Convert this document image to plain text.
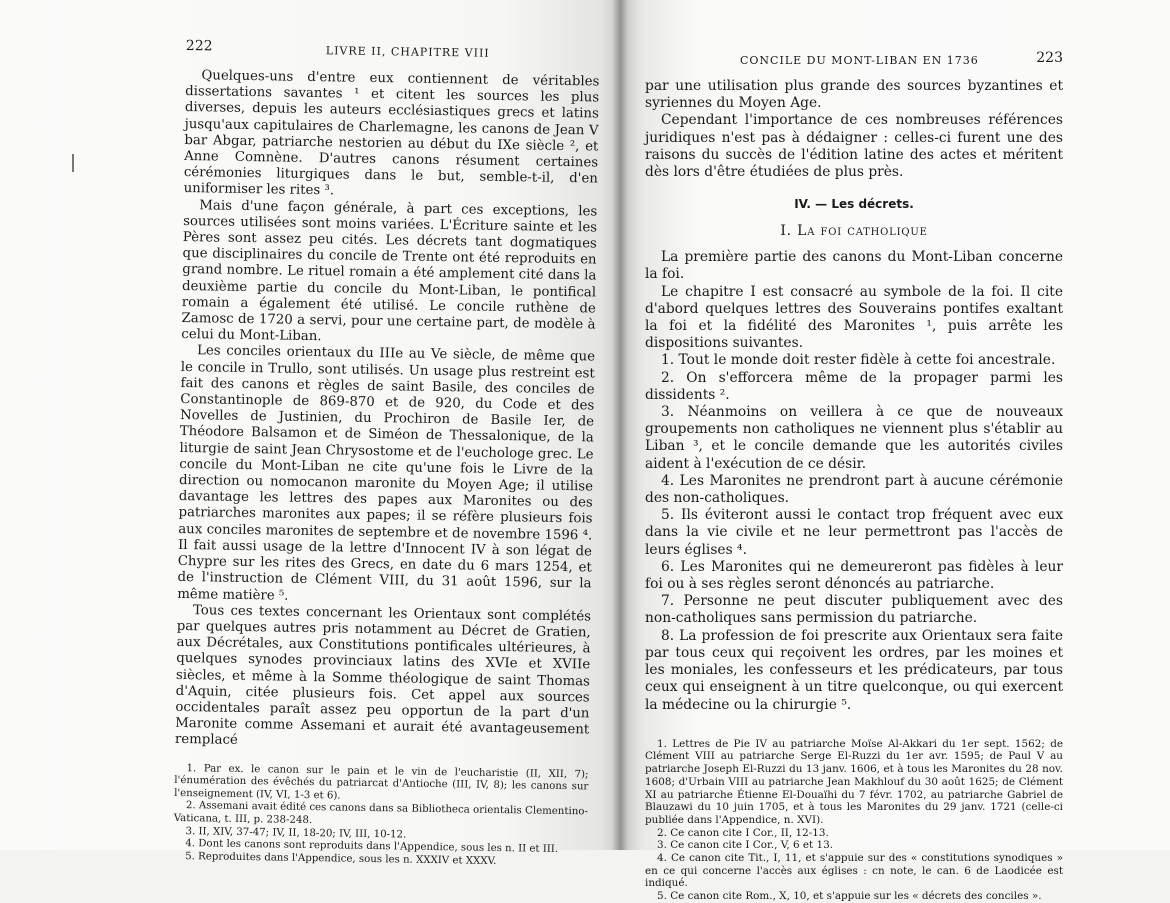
222	LIVRE II, CHAPITRE VIII

Quelques-uns d'entre eux contiennent de véritables dissertations savantes ¹ et citent les sources les plus diverses, depuis les auteurs ecclésiastiques grecs et latins jusqu'aux capitulaires de Charlemagne, les canons de Jean V bar Abgar, patriarche nestorien au début du IXe siècle ², et Anne Comnène. D'autres canons résument certaines cérémonies liturgiques dans le but, semble-t-il, d'en uniformiser les rites ³.

Mais d'une façon générale, à part ces exceptions, les sources utilisées sont moins variées. L'Écriture sainte et les Pères sont assez peu cités. Les décrets tant dogmatiques que disciplinaires du concile de Trente ont été reproduits en grand nombre. Le rituel romain a été amplement cité dans la deuxième partie du concile du Mont-Liban, le pontifical romain a également été utilisé. Le concile ruthène de Zamosc de 1720 a servi, pour une certaine part, de modèle à celui du Mont-Liban.

Les conciles orientaux du IIIe au Ve siècle, de même que le concile in Trullo, sont utilisés. Un usage plus restreint est fait des canons et règles de saint Basile, des conciles de Constantinople de 869-870 et de 920, du Code et des Novelles de Justinien, du Prochiron de Basile Ier, de Théodore Balsamon et de Siméon de Thessalonique, de la liturgie de saint Jean Chrysostome et de l'euchologe grec. Le concile du Mont-Liban ne cite qu'une fois le Livre de la direction ou nomocanon maronite du Moyen Age; il utilise davantage les lettres des papes aux Maronites ou des patriarches maronites aux papes; il se réfère plusieurs fois aux conciles maronites de septembre et de novembre 1596 ⁴. Il fait aussi usage de la lettre d'Innocent IV à son légat de Chypre sur les rites des Grecs, en date du 6 mars 1254, et de l'instruction de Clément VIII, du 31 août 1596, sur la même matière ⁵.

Tous ces textes concernant les Orientaux sont complétés par quelques autres pris notamment au Décret de Gratien, aux Décrétales, aux Constitutions pontificales ultérieures, à quelques synodes provinciaux latins des XVIe et XVIIe siècles, et même à la Somme théologique de saint Thomas d'Aquin, citée plusieurs fois. Cet appel aux sources occidentales paraît assez peu opportun de la part d'un Maronite comme Assemani et aurait été avantageusement remplacé

1. Par ex. le canon sur le pain et le vin de l'eucharistie (II, XII, 7); l'énumération des évêchés du patriarcat d'Antioche (III, IV, 8); les canons sur l'enseignement (IV, VI, 1-3 et 6).

2. Assemani avait édité ces canons dans sa Bibliotheca orientalis Clementino-Vaticana, t. III, p. 238-248.

3. II, XIV, 37-47; IV, II, 18-20; IV, III, 10-12.

4. Dont les canons sont reproduits dans l'Appendice, sous les n. II et III.

5. Reproduites dans l'Appendice, sous les n. XXXIV et XXXV.

CONCILE DU MONT-LIBAN EN 1736	223

par une utilisation plus grande des sources byzantines et syriennes du Moyen Age.

Cependant l'importance de ces nombreuses références juridiques n'est pas à dédaigner : celles-ci furent une des raisons du succès de l'édition latine des actes et méritent dès lors d'être étudiées de plus près.

IV. — Les décrets.
I. La foi catholique

La première partie des canons du Mont-Liban concerne la foi.

Le chapitre I est consacré au symbole de la foi. Il cite d'abord quelques lettres des Souverains pontifes exaltant la foi et la fidélité des Maronites ¹, puis arrête les dispositions suivantes.

1. Tout le monde doit rester fidèle à cette foi ancestrale.

2. On s'efforcera même de la propager parmi les dissidents ².

3. Néanmoins on veillera à ce que de nouveaux groupements non catholiques ne viennent plus s'établir au Liban ³, et le concile demande que les autorités civiles aident à l'exécution de ce désir.

4. Les Maronites ne prendront part à aucune cérémonie des non-catholiques.

5. Ils éviteront aussi le contact trop fréquent avec eux dans la vie civile et ne leur permettront pas l'accès de leurs églises ⁴.

6. Les Maronites qui ne demeureront pas fidèles à leur foi ou à ses règles seront dénoncés au patriarche.

7. Personne ne peut discuter publiquement avec des non-catholiques sans permission du patriarche.

8. La profession de foi prescrite aux Orientaux sera faite par tous ceux qui reçoivent les ordres, par les moines et les moniales, les confesseurs et les prédicateurs, par tous ceux qui enseignent à un titre quelconque, ou qui exercent la médecine ou la chirurgie ⁵.

1. Lettres de Pie IV au patriarche Moïse Al-Akkari du 1er sept. 1562; de Clément VIII au patriarche Serge El-Ruzzi du 1er avr. 1595; de Paul V au patriarche Joseph El-Ruzzi du 13 janv. 1606, et à tous les Maronites du 28 nov. 1608; d'Urbain VIII au patriarche Jean Makhlouf du 30 août 1625; de Clément XI au patriarche Étienne El-Douaïhi du 7 févr. 1702, au patriarche Gabriel de Blauzawi du 10 juin 1705, et à tous les Maronites du 29 janv. 1721 (celle-ci publiée dans l'Appendice, n. XVI).

2. Ce canon cite I Cor., II, 12-13.

3. Ce canon cite I Cor., V, 6 et 13.

4. Ce canon cite Tit., I, 11, et s'appuie sur des « constitutions synodiques » en ce qui concerne l'accès aux églises : cn note, le can. 6 de Laodicée est indiqué.

5. Ce canon cite Rom., X, 10, et s'appuie sur les « décrets des conciles ».
